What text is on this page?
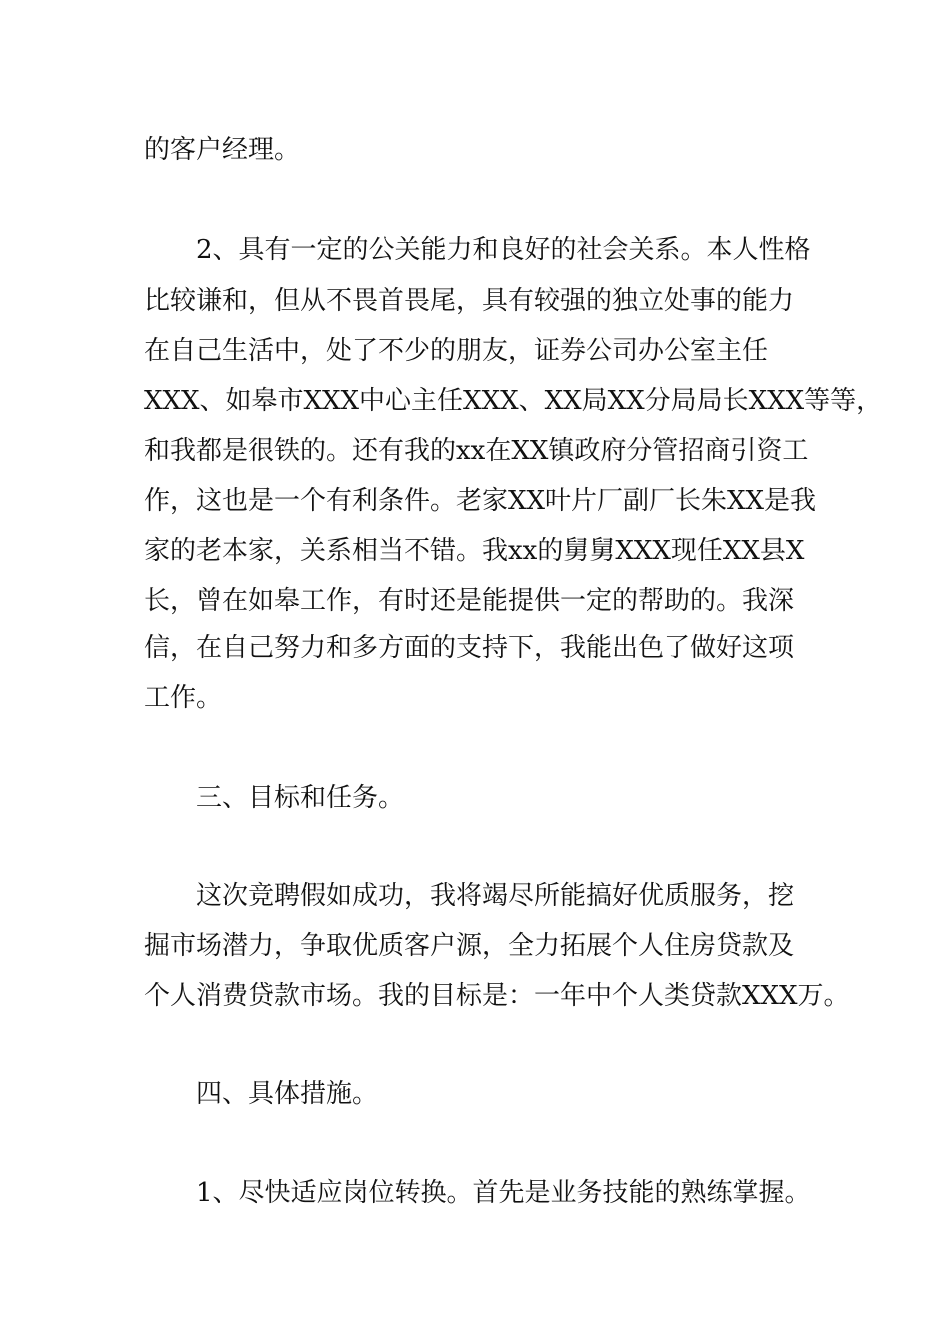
的客户经理。

2、具有一定的公关能力和良好的社会关系。本人性格

比较谦和，但从不畏首畏尾，具有较强的独立处事的能力

在自己生活中，处了不少的朋友，证券公司办公室主任

XXX、如皋市XXX中心主任XXX、XX局XX分局局长XXX等等，

和我都是很铁的。还有我的xx在XX镇政府分管招商引资工

作，这也是一个有利条件。老家XX叶片厂副厂长朱XX是我

家的老本家，关系相当不错。我xx的舅舅XXX现任XX县X

长，曾在如皋工作，有时还是能提供一定的帮助的。我深

信，在自己努力和多方面的支持下，我能出色了做好这项

工作。

三、目标和任务。

这次竞聘假如成功，我将竭尽所能搞好优质服务，挖

掘市场潜力，争取优质客户源，全力拓展个人住房贷款及

个人消费贷款市场。我的目标是：一年中个人类贷款XXX万。

四、具体措施。

1、尽快适应岗位转换。首先是业务技能的熟练掌握。
